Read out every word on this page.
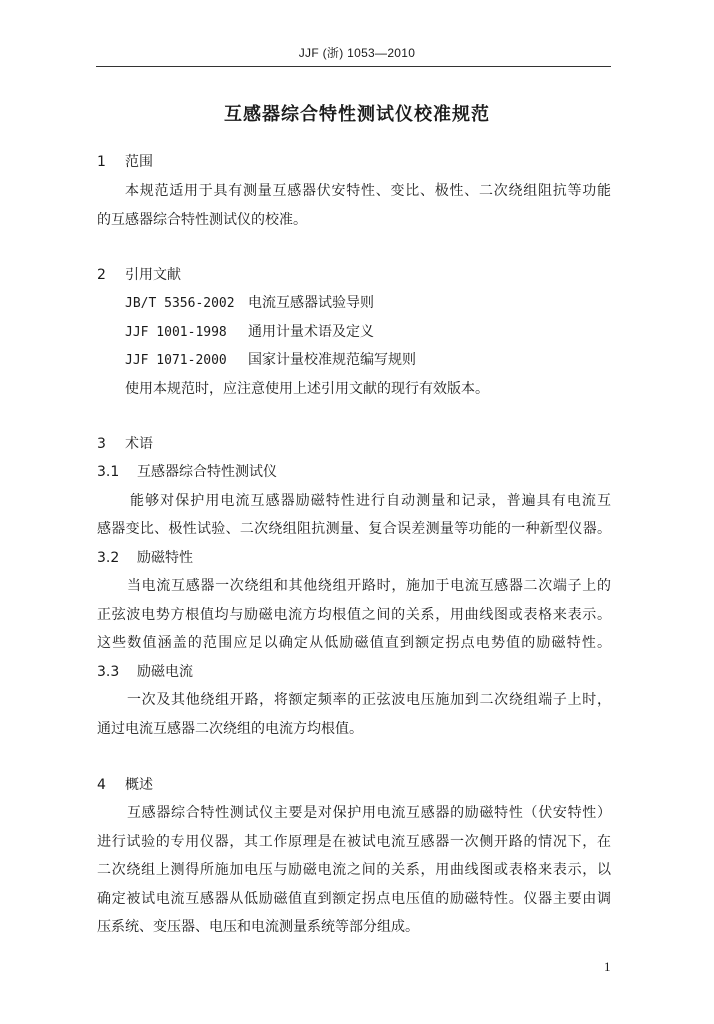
JJF (浙) 1053—2010
互感器综合特性测试仪校准规范
1 范围
本规范适用于具有测量互感器伏安特性、变比、极性、二次绕组阻抗等功能
的互感器综合特性测试仪的校准。
2 引用文献
JB/T 5356-2002 电流互感器试验导则
JJF 1001-1998 通用计量术语及定义
JJF 1071-2000 国家计量校准规范编写规则
使用本规范时，应注意使用上述引用文献的现行有效版本。
3 术语
3.1 互感器综合特性测试仪
能够对保护用电流互感器励磁特性进行自动测量和记录，普遍具有电流互
感器变比、极性试验、二次绕组阻抗测量、复合误差测量等功能的一种新型仪器。
3.2 励磁特性
当电流互感器一次绕组和其他绕组开路时，施加于电流互感器二次端子上的
正弦波电势方根值均与励磁电流方均根值之间的关系，用曲线图或表格来表示。
这些数值涵盖的范围应足以确定从低励磁值直到额定拐点电势值的励磁特性。
3.3 励磁电流
一次及其他绕组开路，将额定频率的正弦波电压施加到二次绕组端子上时，
通过电流互感器二次绕组的电流方均根值。
4 概述
互感器综合特性测试仪主要是对保护用电流互感器的励磁特性（伏安特性）
进行试验的专用仪器，其工作原理是在被试电流互感器一次侧开路的情况下，在
二次绕组上测得所施加电压与励磁电流之间的关系，用曲线图或表格来表示，以
确定被试电流互感器从低励磁值直到额定拐点电压值的励磁特性。仪器主要由调
压系统、变压器、电压和电流测量系统等部分组成。
1
